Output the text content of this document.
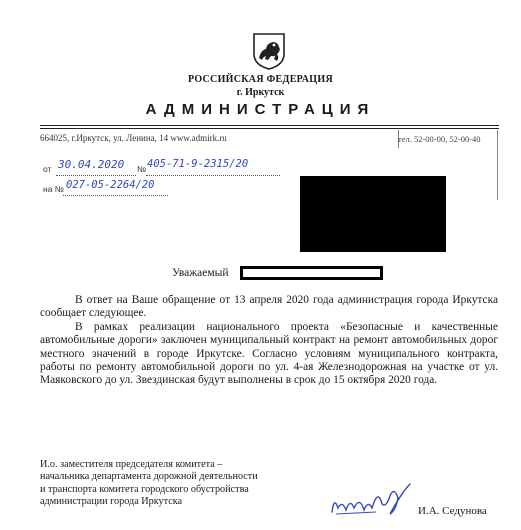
РОССИЙСКАЯ ФЕДЕРАЦИЯ
г. Иркутск
АДМИНИСТРАЦИЯ
664025, г.Иркутск, ул. Ленина, 14 www.admirk.ru	тел. 52-00-00, 52-00-40
от 30.04.2020 № 405-71-9-2315/20
на № 027-05-2264/20
Уважаемый

В ответ на Ваше обращение от 13 апреля 2020 года администрация города Иркутска сообщает следующее.

В рамках реализации национального проекта «Безопасные и качественные автомобильные дороги» заключен муниципальный контракт на ремонт автомобильных дорог местного значений в городе Иркутске. Согласно условиям муниципального контракта, работы по ремонту автомобильной дороги по ул. 4-ая Железнодорожная на участке от ул. Маяковского до ул. Звездинская будут выполнены в срок до 15 октября 2020 года.

И.о. заместителя председателя комитета –
начальника департамента дорожной деятельности
и транспорта комитета городского обустройства
администрации города Иркутска
И.А. Седунова
